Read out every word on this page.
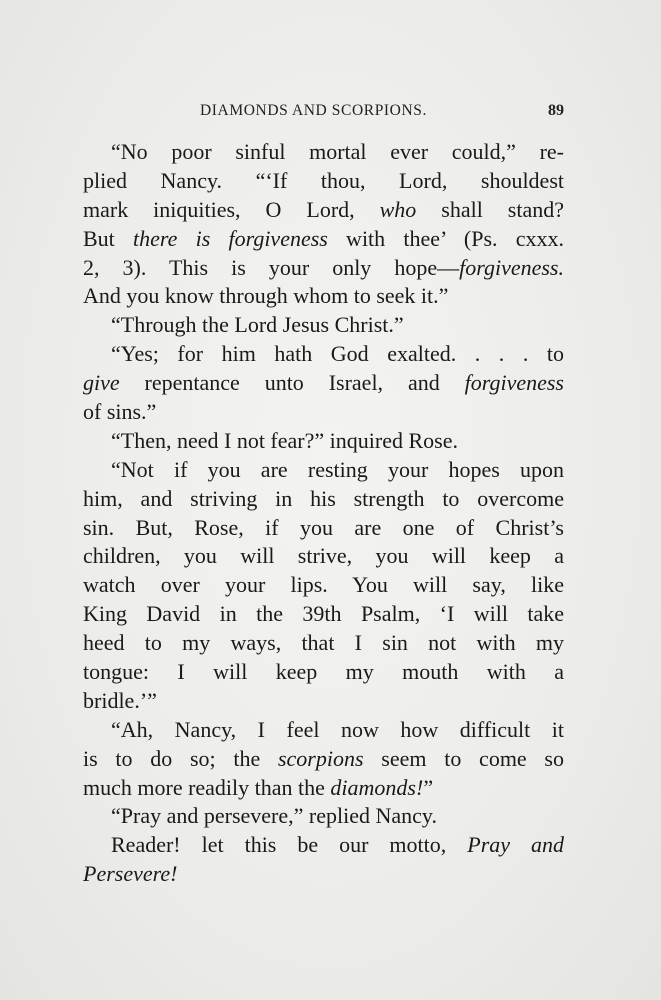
DIAMONDS AND SCORPIONS.	89
“No poor sinful mortal ever could,” re-
plied Nancy. “‘If thou, Lord, shouldest
mark iniquities, O Lord, who shall stand?
But there is forgiveness with thee’ (Ps. cxxx.
2, 3). This is your only hope—forgiveness.
And you know through whom to seek it.”
“Through the Lord Jesus Christ.”
“Yes; for him hath God exalted. . . . to
give repentance unto Israel, and forgiveness
of sins.”
“Then, need I not fear?” inquired Rose.
“Not if you are resting your hopes upon
him, and striving in his strength to overcome
sin. But, Rose, if you are one of Christ’s
children, you will strive, you will keep a
watch over your lips. You will say, like
King David in the 39th Psalm, ‘I will take
heed to my ways, that I sin not with my
tongue: I will keep my mouth with a
bridle.’”
“Ah, Nancy, I feel now how difficult it
is to do so; the scorpions seem to come so
much more readily than the diamonds!”
“Pray and persevere,” replied Nancy.
Reader! let this be our motto, Pray and
Persevere!
